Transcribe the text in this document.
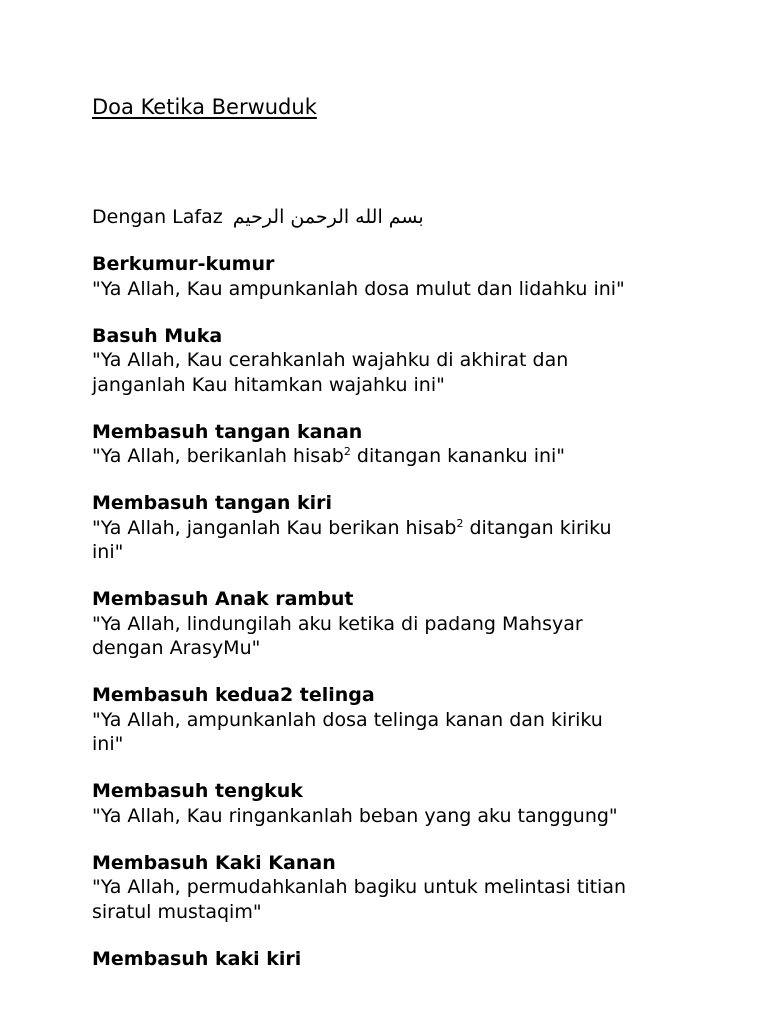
Doa Ketika Berwuduk
Dengan Lafaz بسم الله الرحمن الرحيم
Berkumur-kumur
"Ya Allah, Kau ampunkanlah dosa mulut dan lidahku ini"
Basuh Muka
"Ya Allah, Kau cerahkanlah wajahku di akhirat dan
janganlah Kau hitamkan wajahku ini"
Membasuh tangan kanan
"Ya Allah, berikanlah hisab$^2$ ditangan kananku ini"
Membasuh tangan kiri
"Ya Allah, janganlah Kau berikan hisab$^2$ ditangan kiriku
ini"
Membasuh Anak rambut
"Ya Allah, lindungilah aku ketika di padang Mahsyar
dengan ArasyMu"
Membasuh kedua2 telinga
"Ya Allah, ampunkanlah dosa telinga kanan dan kiriku
ini"
Membasuh tengkuk
"Ya Allah, Kau ringankanlah beban yang aku tanggung"
Membasuh Kaki Kanan
"Ya Allah, permudahkanlah bagiku untuk melintasi titian
siratul mustaqim"
Membasuh kaki kiri
